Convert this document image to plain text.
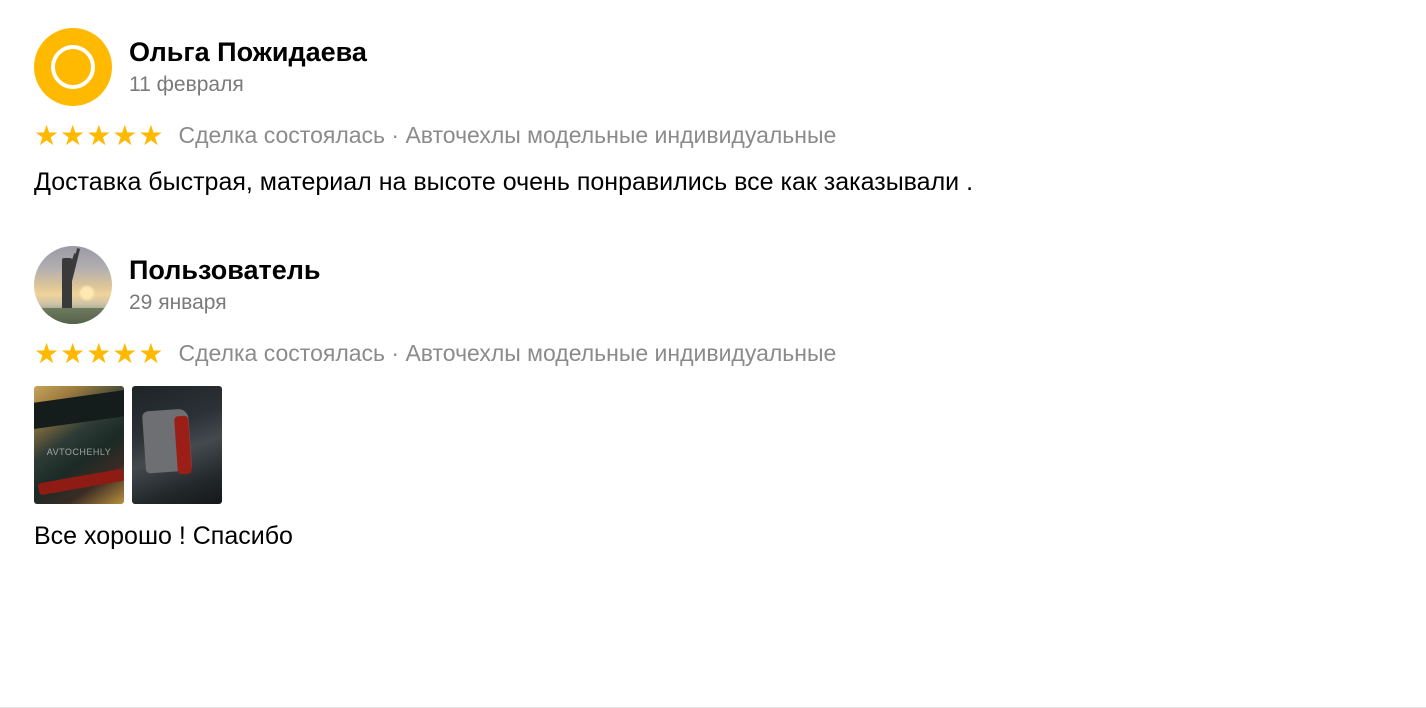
Ольга Пожидаева
11 февраля
★★★★★ Сделка состоялась · Авточехлы модельные индивидуальные
Доставка быстрая, материал на высоте очень понравились все как заказывали .
Пользователь
29 января
★★★★★ Сделка состоялась · Авточехлы модельные индивидуальные
AVTOCHEHLY
Все хорошо ! Спасибо
